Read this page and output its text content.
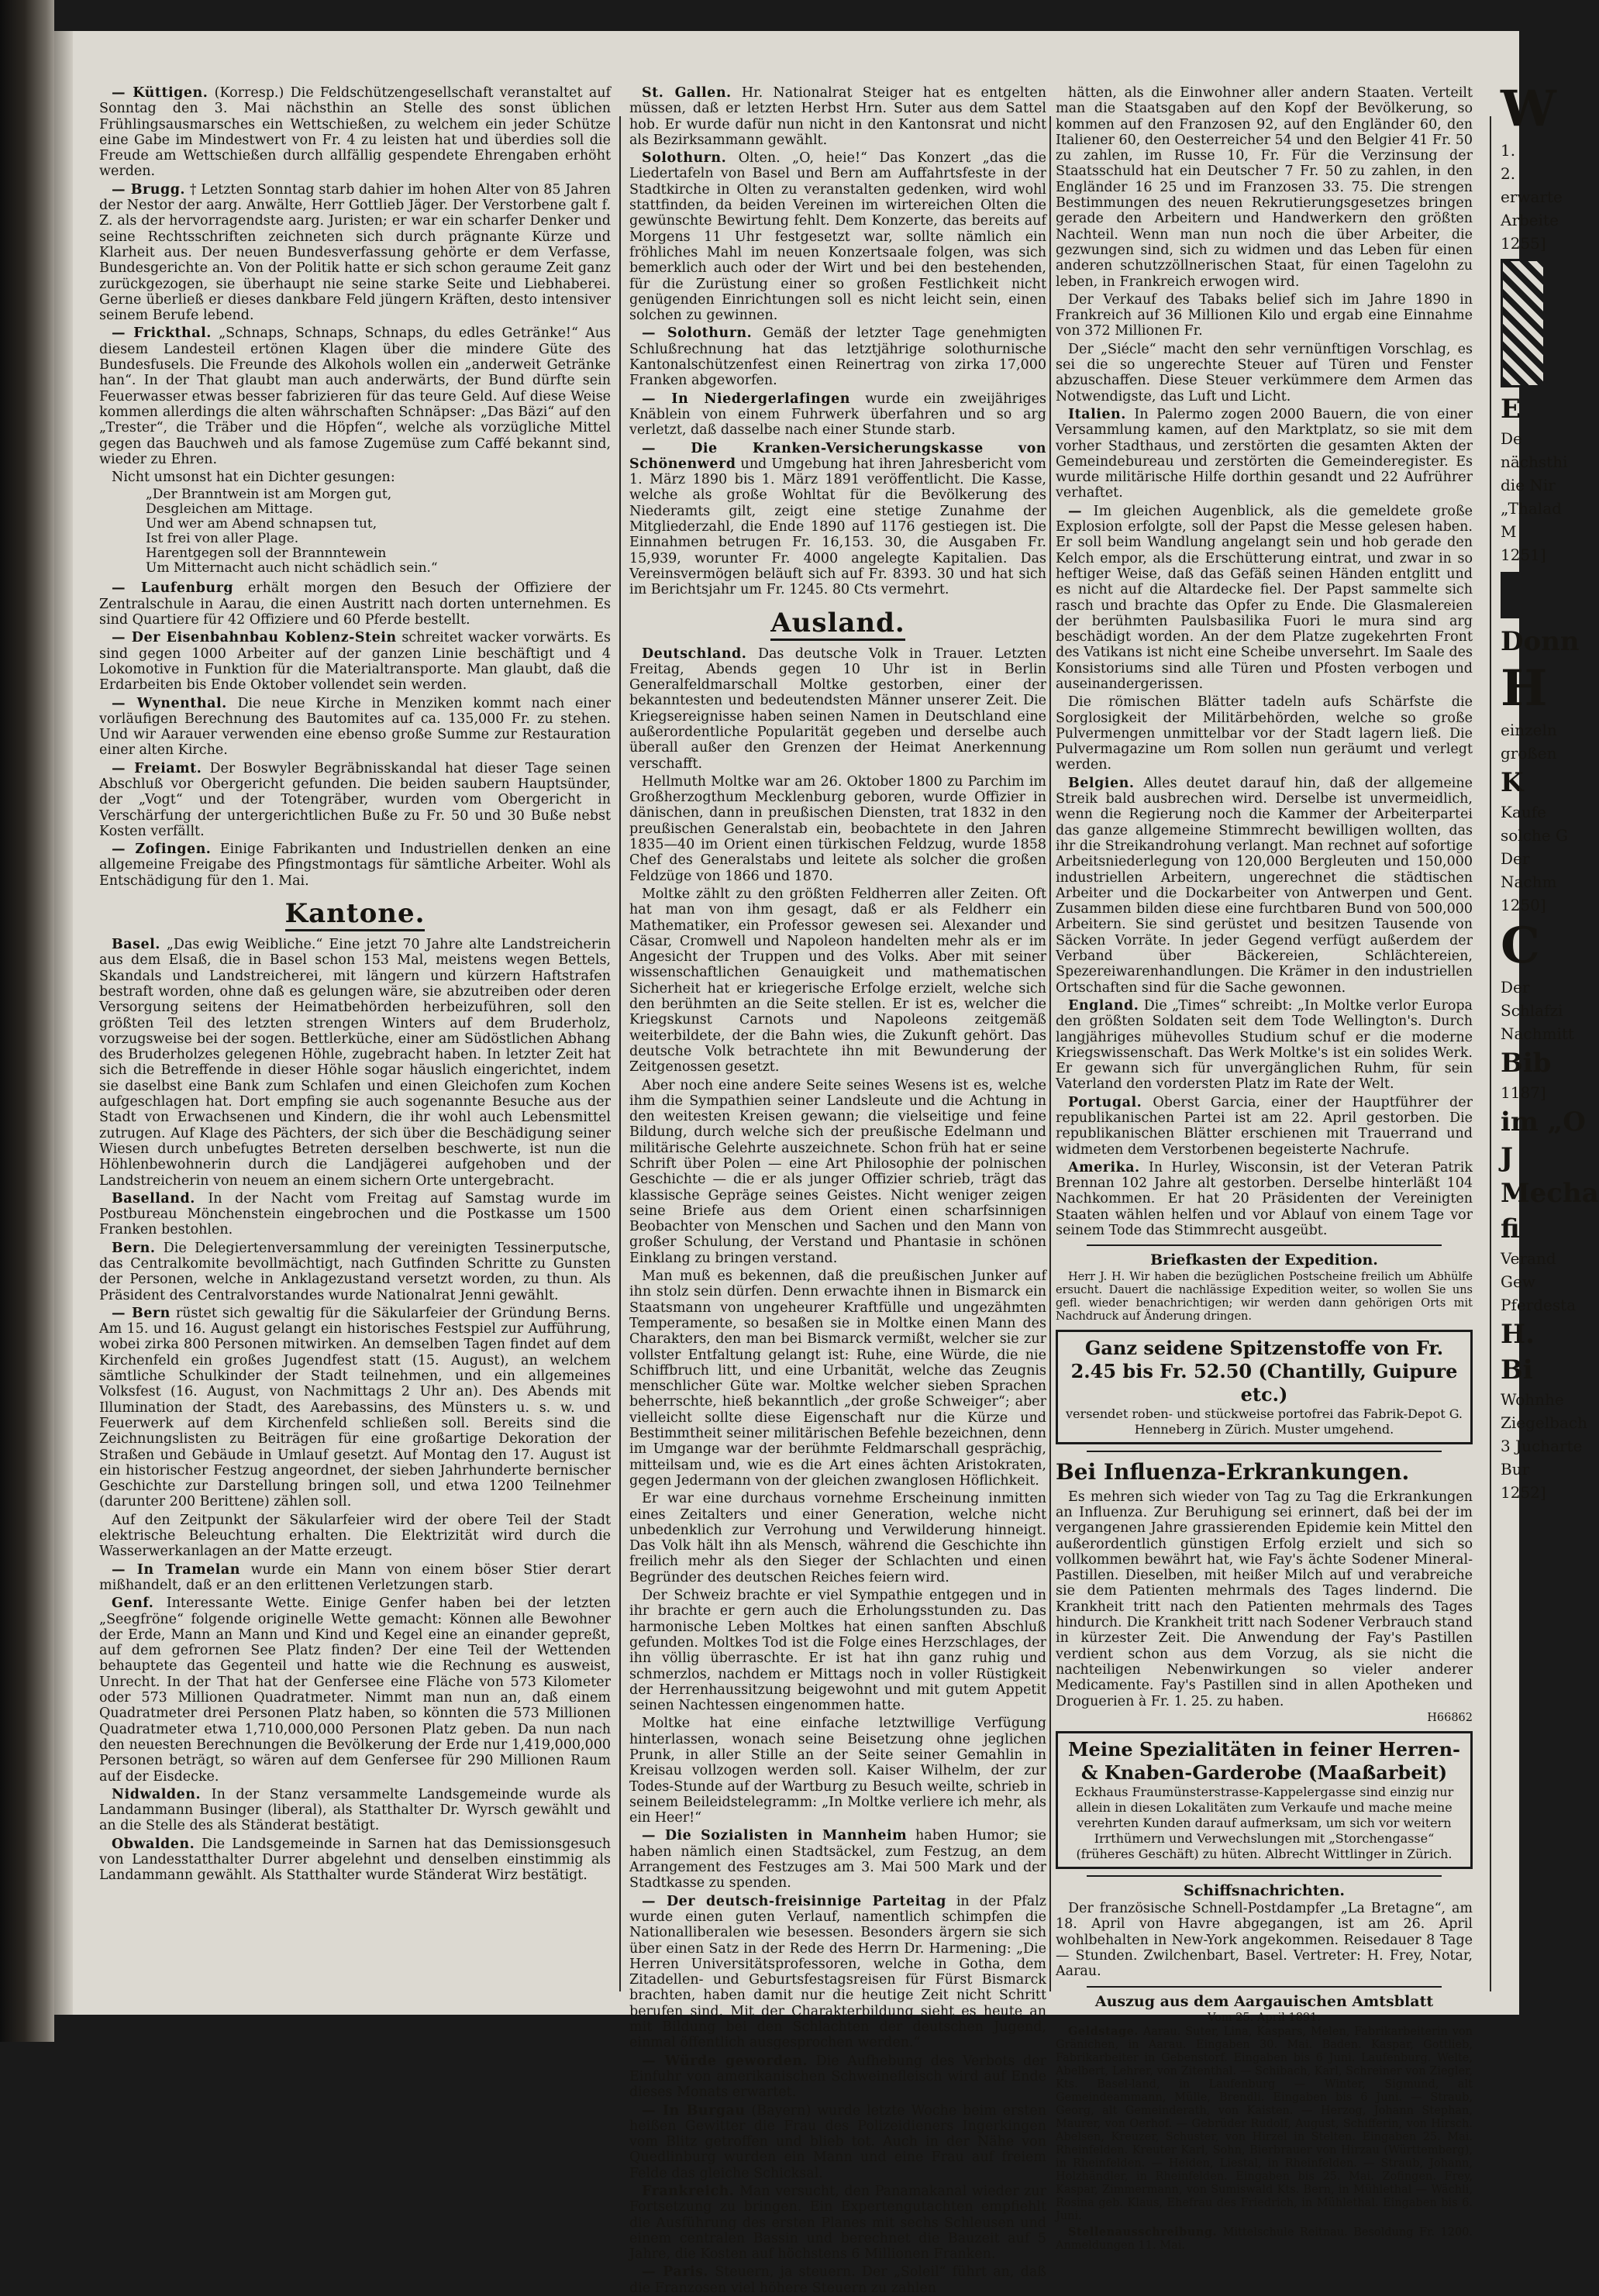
— Küttigen. (Korresp.) Die Feldschützengesellschaft veranstaltet auf Sonntag den 3. Mai nächsthin an Stelle des sonst üblichen Frühlingsausmarsches ein Wettschießen, zu welchem ein jeder Schütze eine Gabe im Mindestwert von Fr. 4 zu leisten hat und überdies soll die Freude am Wettschießen durch allfällig gespendete Ehrengaben erhöht werden.

— Brugg. † Letzten Sonntag starb dahier im hohen Alter von 85 Jahren der Nestor der aarg. Anwälte, Herr Gottlieb Jäger. Der Verstorbene galt f. Z. als der hervorragendste aarg. Juristen; er war ein scharfer Denker und seine Rechtsschriften zeichneten sich durch prägnante Kürze und Klarheit aus. Der neuen Bundesverfassung gehörte er dem Verfasse, Bundesgerichte an. Von der Politik hatte er sich schon geraume Zeit ganz zurückgezogen, sie überhaupt nie seine starke Seite und Liebhaberei. Gerne überließ er dieses dankbare Feld jüngern Kräften, desto intensiver seinem Berufe lebend.

— Frickthal. „Schnaps, Schnaps, Schnaps, du edles Getränke!“ Aus diesem Landesteil ertönen Klagen über die mindere Güte des Bundesfusels. Die Freunde des Alkohols wollen ein „anderweit Getränke han“. In der That glaubt man auch anderwärts, der Bund dürfte sein Feuerwasser etwas besser fabrizieren für das teure Geld. Auf diese Weise kommen allerdings die alten währschaften Schnäpser: „Das Bäzi“ auf den „Trester“, die Träber und die Höpfen“, welche als vorzügliche Mittel gegen das Bauchweh und als famose Zugemüse zum Caffé bekannt sind, wieder zu Ehren.

Nicht umsonst hat ein Dichter gesungen:

„Der Branntwein ist am Morgen gut,
Desgleichen am Mittage.
Und wer am Abend schnapsen tut,
Ist frei von aller Plage.
Harentgegen soll der Brannntewein
Um Mitternacht auch nicht schädlich sein.“

— Laufenburg erhält morgen den Besuch der Offiziere der Zentralschule in Aarau, die einen Austritt nach dorten unternehmen. Es sind Quartiere für 42 Offiziere und 60 Pferde bestellt.

— Der Eisenbahnbau Koblenz-Stein schreitet wacker vorwärts. Es sind gegen 1000 Arbeiter auf der ganzen Linie beschäftigt und 4 Lokomotive in Funktion für die Materialtransporte. Man glaubt, daß die Erdarbeiten bis Ende Oktober vollendet sein werden.

— Wynenthal. Die neue Kirche in Menziken kommt nach einer vorläufigen Berechnung des Bautomites auf ca. 135,000 Fr. zu stehen. Und wir Aarauer verwenden eine ebenso große Summe zur Restauration einer alten Kirche.

— Freiamt. Der Boswyler Begräbnisskandal hat dieser Tage seinen Abschluß vor Obergericht gefunden. Die beiden saubern Hauptsünder, der „Vogt“ und der Totengräber, wurden vom Obergericht in Verschärfung der untergerichtlichen Buße zu Fr. 50 und 30 Buße nebst Kosten verfällt.

— Zofingen. Einige Fabrikanten und Industriellen denken an eine allgemeine Freigabe des Pfingstmontags für sämtliche Arbeiter. Wohl als Entschädigung für den 1. Mai.

Kantone.

Basel. „Das ewig Weibliche.“ Eine jetzt 70 Jahre alte Landstreicherin aus dem Elsaß, die in Basel schon 153 Mal, meistens wegen Bettels, Skandals und Landstreicherei, mit längern und kürzern Haftstrafen bestraft worden, ohne daß es gelungen wäre, sie abzutreiben oder deren Versorgung seitens der Heimatbehörden herbeizuführen, soll den größten Teil des letzten strengen Winters auf dem Bruderholz, vorzugsweise bei der sogen. Bettlerküche, einer am Südöstlichen Abhang des Bruderholzes gelegenen Höhle, zugebracht haben. In letzter Zeit hat sich die Betreffende in dieser Höhle sogar häuslich eingerichtet, indem sie daselbst eine Bank zum Schlafen und einen Gleichofen zum Kochen aufgeschlagen hat. Dort empfing sie auch sogenannte Besuche aus der Stadt von Erwachsenen und Kindern, die ihr wohl auch Lebensmittel zutrugen. Auf Klage des Pächters, der sich über die Beschädigung seiner Wiesen durch unbefugtes Betreten derselben beschwerte, ist nun die Höhlenbewohnerin durch die Landjägerei aufgehoben und der Landstreicherin von neuem an einem sichern Orte untergebracht.

Baselland. In der Nacht vom Freitag auf Samstag wurde im Postbureau Mönchenstein eingebrochen und die Postkasse um 1500 Franken bestohlen.

Bern. Die Delegiertenversammlung der vereinigten Tessinerputsche, das Centralkomite bevollmächtigt, nach Gutfinden Schritte zu Gunsten der Personen, welche in Anklagezustand versetzt worden, zu thun. Als Präsident des Centralvorstandes wurde Nationalrat Jenni gewählt.

— Bern rüstet sich gewaltig für die Säkularfeier der Gründung Berns. Am 15. und 16. August gelangt ein historisches Festspiel zur Aufführung, wobei zirka 800 Personen mitwirken. An demselben Tagen findet auf dem Kirchenfeld ein großes Jugendfest statt (15. August), an welchem sämtliche Schulkinder der Stadt teilnehmen, und ein allgemeines Volksfest (16. August, von Nachmittags 2 Uhr an). Des Abends mit Illumination der Stadt, des Aarebassins, des Münsters u. s. w. und Feuerwerk auf dem Kirchenfeld schließen soll. Bereits sind die Zeichnungslisten zu Beiträgen für eine großartige Dekoration der Straßen und Gebäude in Umlauf gesetzt. Auf Montag den 17. August ist ein historischer Festzug angeordnet, der sieben Jahrhunderte bernischer Geschichte zur Darstellung bringen soll, und etwa 1200 Teilnehmer (darunter 200 Berittene) zählen soll.

Auf den Zeitpunkt der Säkularfeier wird der obere Teil der Stadt elektrische Beleuchtung erhalten. Die Elektrizität wird durch die Wasserwerkanlagen an der Matte erzeugt.

— In Tramelan wurde ein Mann von einem böser Stier derart mißhandelt, daß er an den erlittenen Verletzungen starb.

Genf. Interessante Wette. Einige Genfer haben bei der letzten „Seegfröne“ folgende originelle Wette gemacht: Können alle Bewohner der Erde, Mann an Mann und Kind und Kegel eine an einander gepreßt, auf dem gefrornen See Platz finden? Der eine Teil der Wettenden behauptete das Gegenteil und hatte wie die Rechnung es ausweist, Unrecht. In der That hat der Genfersee eine Fläche von 573 Kilometer oder 573 Millionen Quadratmeter. Nimmt man nun an, daß einem Quadratmeter drei Personen Platz haben, so könnten die 573 Millionen Quadratmeter etwa 1,710,000,000 Personen Platz geben. Da nun nach den neuesten Berechnungen die Bevölkerung der Erde nur 1,419,000,000 Personen beträgt, so wären auf dem Genfersee für 290 Millionen Raum auf der Eisdecke.

Nidwalden. In der Stanz versammelte Landsgemeinde wurde als Landammann Businger (liberal), als Statthalter Dr. Wyrsch gewählt und an die Stelle des als Ständerat bestätigt.

Obwalden. Die Landsgemeinde in Sarnen hat das Demissionsgesuch von Landesstatthalter Durrer abgelehnt und denselben einstimmig als Landammann gewählt. Als Statthalter wurde Ständerat Wirz bestätigt.

St. Gallen. Hr. Nationalrat Steiger hat es entgelten müssen, daß er letzten Herbst Hrn. Suter aus dem Sattel hob. Er wurde dafür nun nicht in den Kantonsrat und nicht als Bezirksammann gewählt.

Solothurn. Olten. „O, heie!“ Das Konzert „das die Liedertafeln von Basel und Bern am Auffahrtsfeste in der Stadtkirche in Olten zu veranstalten gedenken, wird wohl stattfinden, da beiden Vereinen im wirtereichen Olten die gewünschte Bewirtung fehlt. Dem Konzerte, das bereits auf Morgens 11 Uhr festgesetzt war, sollte nämlich ein fröhliches Mahl im neuen Konzertsaale folgen, was sich bemerklich auch oder der Wirt und bei den bestehenden, für die Zurüstung einer so großen Festlichkeit nicht genügenden Einrichtungen soll es nicht leicht sein, einen solchen zu gewinnen.

— Solothurn. Gemäß der letzter Tage genehmigten Schlußrechnung hat das letztjährige solothurnische Kantonalschützenfest einen Reinertrag von zirka 17,000 Franken abgeworfen.

— In Niedergerlafingen wurde ein zweijähriges Knäblein von einem Fuhrwerk überfahren und so arg verletzt, daß dasselbe nach einer Stunde starb.

— Die Kranken-Versicherungskasse von Schönenwerd und Umgebung hat ihren Jahresbericht vom 1. März 1890 bis 1. März 1891 veröffentlicht. Die Kasse, welche als große Wohltat für die Bevölkerung des Niederamts gilt, zeigt eine stetige Zunahme der Mitgliederzahl, die Ende 1890 auf 1176 gestiegen ist. Die Einnahmen betrugen Fr. 16,153. 30, die Ausgaben Fr. 15,939, worunter Fr. 4000 angelegte Kapitalien. Das Vereinsvermögen beläuft sich auf Fr. 8393. 30 und hat sich im Berichtsjahr um Fr. 1245. 80 Cts vermehrt.

Ausland.

Deutschland. Das deutsche Volk in Trauer. Letzten Freitag, Abends gegen 10 Uhr ist in Berlin Generalfeldmarschall Moltke gestorben, einer der bekanntesten und bedeutendsten Männer unserer Zeit. Die Kriegsereignisse haben seinen Namen in Deutschland eine außerordentliche Popularität gegeben und derselbe auch überall außer den Grenzen der Heimat Anerkennung verschafft.

Hellmuth Moltke war am 26. Oktober 1800 zu Parchim im Großherzogthum Mecklenburg geboren, wurde Offizier in dänischen, dann in preußischen Diensten, trat 1832 in den preußischen Generalstab ein, beobachtete in den Jahren 1835—40 im Orient einen türkischen Feldzug, wurde 1858 Chef des Generalstabs und leitete als solcher die großen Feldzüge von 1866 und 1870.

Moltke zählt zu den größten Feldherren aller Zeiten. Oft hat man von ihm gesagt, daß er als Feldherr ein Mathematiker, ein Professor gewesen sei. Alexander und Cäsar, Cromwell und Napoleon handelten mehr als er im Angesicht der Truppen und des Volks. Aber mit seiner wissenschaftlichen Genauigkeit und mathematischen Sicherheit hat er kriegerische Erfolge erzielt, welche sich den berühmten an die Seite stellen. Er ist es, welcher die Kriegskunst Carnots und Napoleons zeitgemäß weiterbildete, der die Bahn wies, die Zukunft gehört. Das deutsche Volk betrachtete ihn mit Bewunderung der Zeitgenossen gesetzt.

Aber noch eine andere Seite seines Wesens ist es, welche ihm die Sympathien seiner Landsleute und die Achtung in den weitesten Kreisen gewann; die vielseitige und feine Bildung, durch welche sich der preußische Edelmann und militärische Gelehrte auszeichnete. Schon früh hat er seine Schrift über Polen — eine Art Philosophie der polnischen Geschichte — die er als junger Offizier schrieb, trägt das klassische Gepräge seines Geistes. Nicht weniger zeigen seine Briefe aus dem Orient einen scharfsinnigen Beobachter von Menschen und Sachen und den Mann von großer Schulung, der Verstand und Phantasie in schönen Einklang zu bringen verstand.

Man muß es bekennen, daß die preußischen Junker auf ihn stolz sein dürfen. Denn erwachte ihnen in Bismarck ein Staatsmann von ungeheurer Kraftfülle und ungezähmten Temperamente, so besaßen sie in Moltke einen Mann des Charakters, den man bei Bismarck vermißt, welcher sie zur vollster Entfaltung gelangt ist: Ruhe, eine Würde, die nie Schiffbruch litt, und eine Urbanität, welche das Zeugnis menschlicher Güte war. Moltke welcher sieben Sprachen beherrschte, hieß bekanntlich „der große Schweiger“; aber vielleicht sollte diese Eigenschaft nur die Kürze und Bestimmtheit seiner militärischen Befehle bezeichnen, denn im Umgange war der berühmte Feldmarschall gesprächig, mitteilsam und, wie es die Art eines ächten Aristokraten, gegen Jedermann von der gleichen zwanglosen Höflichkeit.

Er war eine durchaus vornehme Erscheinung inmitten eines Zeitalters und einer Generation, welche nicht unbedenklich zur Verrohung und Verwilderung hinneigt. Das Volk hält ihn als Mensch, während die Geschichte ihn freilich mehr als den Sieger der Schlachten und einen Begründer des deutschen Reiches feiern wird.

Der Schweiz brachte er viel Sympathie entgegen und in ihr brachte er gern auch die Erholungsstunden zu. Das harmonische Leben Moltkes hat einen sanften Abschluß gefunden. Moltkes Tod ist die Folge eines Herzschlages, der ihn völlig überraschte. Er ist hat ihn ganz ruhig und schmerzlos, nachdem er Mittags noch in voller Rüstigkeit der Herrenhaussitzung beigewohnt und mit gutem Appetit seinen Nachtessen eingenommen hatte.

Moltke hat eine einfache letztwillige Verfügung hinterlassen, wonach seine Beisetzung ohne jeglichen Prunk, in aller Stille an der Seite seiner Gemahlin in Kreisau vollzogen werden soll. Kaiser Wilhelm, der zur Todes-Stunde auf der Wartburg zu Besuch weilte, schrieb in seinem Beileidstelegramm: „In Moltke verliere ich mehr, als ein Heer!“

— Die Sozialisten in Mannheim haben Humor; sie haben nämlich einen Stadtsäckel, zum Festzug, an dem Arrangement des Festzuges am 3. Mai 500 Mark und der Stadtkasse zu spenden.

— Der deutsch-freisinnige Parteitag in der Pfalz wurde einen guten Verlauf, namentlich schimpfen die Nationalliberalen wie besessen. Besonders ärgern sie sich über einen Satz in der Rede des Herrn Dr. Harmening: „Die Herren Universitätsprofessoren, welche in Gotha, dem Zitadellen- und Geburtsfestagsreisen für Fürst Bismarck brachten, haben damit nur die heutige Zeit nicht Schritt berufen sind. Mit der Charakterbildung sieht es heute an mit Bildung bei den Schlachten der deutschen Jugend, einmal öffentlich ausgesprochen werden.“

— Würde geworden. Die Aufhebung des Verbots der Einfuhr von amerikanischen Schweinefleisch wird auf Ende dieses Monats erwartet.

— In Burgau (Bayern) wurde letzte Woche beim ersten heißen Gewitter die Frau des Polizeidieners Ingerkingen vom Blitz getroffen und blieb tot. Auch in der Nähe von Quedlinburg wurden ein Mann und eine Frau auf freiem Felde das gleiche Schicksal.

Frankreich. Man versucht, den Panamakanal wieder zur Fortsetzung zu bringen. Ein Expertengutachten empfiehlt die Ausführung des ersten Planes mit sechs Schleusen und einem centralen Bassin und berechnet die Bauzeit auf 5 Jahre, die Kosten auf höchstens 6 Millionen Franken.

— Paris. Steuern, ja steuern. Der „Soleil“ führt an, daß die Franzosen viel höhere Steuern zu zahlen

hätten, als die Einwohner aller andern Staaten. Verteilt man die Staatsgaben auf den Kopf der Bevölkerung, so kommen auf den Franzosen 92, auf den Engländer 60, den Italiener 60, den Oesterreicher 54 und den Belgier 41 Fr. 50 zu zahlen, im Russe 10, Fr. Für die Verzinsung der Staatsschuld hat ein Deutscher 7 Fr. 50 zu zahlen, in den Engländer 16 25 und im Franzosen 33. 75. Die strengen Bestimmungen des neuen Rekrutierungsgesetzes bringen gerade den Arbeitern und Handwerkern den größten Nachteil. Wenn man nun noch die über Arbeiter, die gezwungen sind, sich zu widmen und das Leben für einen anderen schutzzöllnerischen Staat, für einen Tagelohn zu leben, in Frankreich erwogen wird.

Der Verkauf des Tabaks belief sich im Jahre 1890 in Frankreich auf 36 Millionen Kilo und ergab eine Einnahme von 372 Millionen Fr.

Der „Siécle“ macht den sehr vernünftigen Vorschlag, es sei die so ungerechte Steuer auf Türen und Fenster abzuschaffen. Diese Steuer verkümmere dem Armen das Notwendigste, das Luft und Licht.

Italien. In Palermo zogen 2000 Bauern, die von einer Versammlung kamen, auf den Marktplatz, so sie mit dem vorher Stadthaus, und zerstörten die gesamten Akten der Gemeindebureau und zerstörten die Gemeinderegister. Es wurde militärische Hilfe dorthin gesandt und 22 Aufrührer verhaftet.

— Im gleichen Augenblick, als die gemeldete große Explosion erfolgte, soll der Papst die Messe gelesen haben. Er soll beim Wandlung angelangt sein und hob gerade den Kelch empor, als die Erschütterung eintrat, und zwar in so heftiger Weise, daß das Gefäß seinen Händen entglitt und es nicht auf die Altardecke fiel. Der Papst sammelte sich rasch und brachte das Opfer zu Ende. Die Glasmalereien der berühmten Paulsbasilika Fuori le mura sind arg beschädigt worden. An der dem Platze zugekehrten Front des Vatikans ist nicht eine Scheibe unversehrt. Im Saale des Konsistoriums sind alle Türen und Pfosten verbogen und auseinandergerissen.

Die römischen Blätter tadeln aufs Schärfste die Sorglosigkeit der Militärbehörden, welche so große Pulvermengen unmittelbar vor der Stadt lagern ließ. Die Pulvermagazine um Rom sollen nun geräumt und verlegt werden.

Belgien. Alles deutet darauf hin, daß der allgemeine Streik bald ausbrechen wird. Derselbe ist unvermeidlich, wenn die Regierung noch die Kammer der Arbeiterpartei das ganze allgemeine Stimmrecht bewilligen wollten, das ihr die Streikandrohung verlangt. Man rechnet auf sofortige Arbeitsniederlegung von 120,000 Bergleuten und 150,000 industriellen Arbeitern, ungerechnet die städtischen Arbeiter und die Dockarbeiter von Antwerpen und Gent. Zusammen bilden diese eine furchtbaren Bund von 500,000 Arbeitern. Sie sind gerüstet und besitzen Tausende von Säcken Vorräte. In jeder Gegend verfügt außerdem der Verband über Bäckereien, Schlächtereien, Spezereiwarenhandlungen. Die Krämer in den industriellen Ortschaften sind für die Sache gewonnen.

England. Die „Times“ schreibt: „In Moltke verlor Europa den größten Soldaten seit dem Tode Wellington's. Durch langjähriges mühevolles Studium schuf er die moderne Kriegswissenschaft. Das Werk Moltke's ist ein solides Werk. Er gewann sich für unvergänglichen Ruhm, für sein Vaterland den vordersten Platz im Rate der Welt.

Portugal. Oberst Garcia, einer der Hauptführer der republikanischen Partei ist am 22. April gestorben. Die republikanischen Blätter erschienen mit Trauerrand und widmeten dem Verstorbenen begeisterte Nachrufe.

Amerika. In Hurley, Wisconsin, ist der Veteran Patrik Brennan 102 Jahre alt gestorben. Derselbe hinterläßt 104 Nachkommen. Er hat 20 Präsidenten der Vereinigten Staaten wählen helfen und vor Ablauf von einem Tage vor seinem Tode das Stimmrecht ausgeübt.

Briefkasten der Expedition.

Herr J. H. Wir haben die bezüglichen Postscheine freilich um Abhülfe ersucht. Dauert die nachlässige Expedition weiter, so wollen Sie uns gefl. wieder benachrichtigen; wir werden dann gehörigen Orts mit Nachdruck auf Änderung dringen.

Ganz seidene Spitzenstoffe von Fr. 2.45 bis Fr. 52.50 (Chantilly, Guipure etc.)
versendet roben- und stückweise portofrei das Fabrik-Depot G. Henneberg in Zürich. Muster umgehend.
Bei Influenza-Erkrankungen.

Es mehren sich wieder von Tag zu Tag die Erkrankungen an Influenza. Zur Beruhigung sei erinnert, daß bei der im vergangenen Jahre grassierenden Epidemie kein Mittel den außerordentlich günstigen Erfolg erzielt und sich so vollkommen bewährt hat, wie Fay's ächte Sodener Mineral-Pastillen. Dieselben, mit heißer Milch auf und verabreiche sie dem Patienten mehrmals des Tages lindernd. Die Krankheit tritt nach den Patienten mehrmals des Tages hindurch. Die Krankheit tritt nach Sodener Verbrauch stand in kürzester Zeit. Die Anwendung der Fay's Pastillen verdient schon aus dem Vorzug, als sie nicht die nachteiligen Nebenwirkungen so vieler anderer Medicamente. Fay's Pastillen sind in allen Apotheken und Droguerien à Fr. 1. 25. zu haben.

H66862
Meine Spezialitäten in feiner Herren- & Knaben-Garderobe (Maaßarbeit)
Eckhaus Fraumünsterstrasse-Kappelergasse sind einzig nur allein in diesen Lokalitäten zum Verkaufe und mache meine verehrten Kunden darauf aufmerksam, um sich vor weitern Irrthümern und Verwechslungen mit „Storchengasse“ (früheres Geschäft) zu hüten. Albrecht Wittlinger in Zürich.
Schiffsnachrichten.

Der französische Schnell-Postdampfer „La Bretagne“, am 18. April von Havre abgegangen, ist am 26. April wohlbehalten in New-York angekommen. Reisedauer 8 Tage — Stunden. Zwilchenbart, Basel. Vertreter: H. Frey, Notar, Aarau.

Auszug aus dem Aargauischen Amtsblatt
Vom 25. April 1891.

Geldstage. Aarau. Suter, Lina, Kaspars, Melen, Fabrikarbeiterin von Gränichen, in Aarau. Eingaben 30. Mai. Baden. Kaspar, Gottlieb, Fabrikarbeiter in Gebenstorf. Eingaben bis 6 Juni. Laufenburg. Welte, Abelbert, Lehrer, von Zitenthal. — Schibach, Karl, Schreiner von Ziegler, Kts. Basel-land, in Laufenburg — Winter, Sigmund, alt Gemeindeammann, Mülle, Brendli. Eingaben bis 6 Juni. — Straub, Georg, alt Gemeinderath, von Kaisten. — Herzog, Johann Stephan, Maurer, von Oerhof. — Gebrüder Rudolf, August, Schifferin, von Hirsch. Abelsen, Kreuzer, Schuster, von Hirzel in Stelten. Eingaben 25. Mai. Rheinfelden. Kreuter Karl, Sohn, Bierbrauer von Hirzau (Württemberg), in Rheinfelden. — Heiden, Liestal, in Rheinfelden. — Straub, Johann, Holzhändler, in Rheinfelden. Eingaben bis 25. Mai. Zofingen. Frey, Kaspar, Zimmermann, von Sumiswald Kts. Bern, in Mühlethal — Wächli, Rosina geb. Klaus, Ehefrau des Friedrich, in Mühlethal. Eingaben bis 6. Juni.

Stellenausschreibung. Mittelschule Reitnau. Besoldung Fr. 1200. Anmeldungen 11. Mai.

W
1.
2.
erwarte
Arbeite
1255]
E
De
nächsthi
die Nir
„Thalad
M
1251]
Donn
H
einzeln
großen
K
Kaufe
solche G
Der
Nachm
1250]
C
Der
Schlafzi
Nachmitt
Bib
1187]
im „O
J
Mecha
fi
Verand
Gew
Pferdesta
H.
Bi
Wohnhe
Ziegelbach
3 Jucharte
Bur
1252]
